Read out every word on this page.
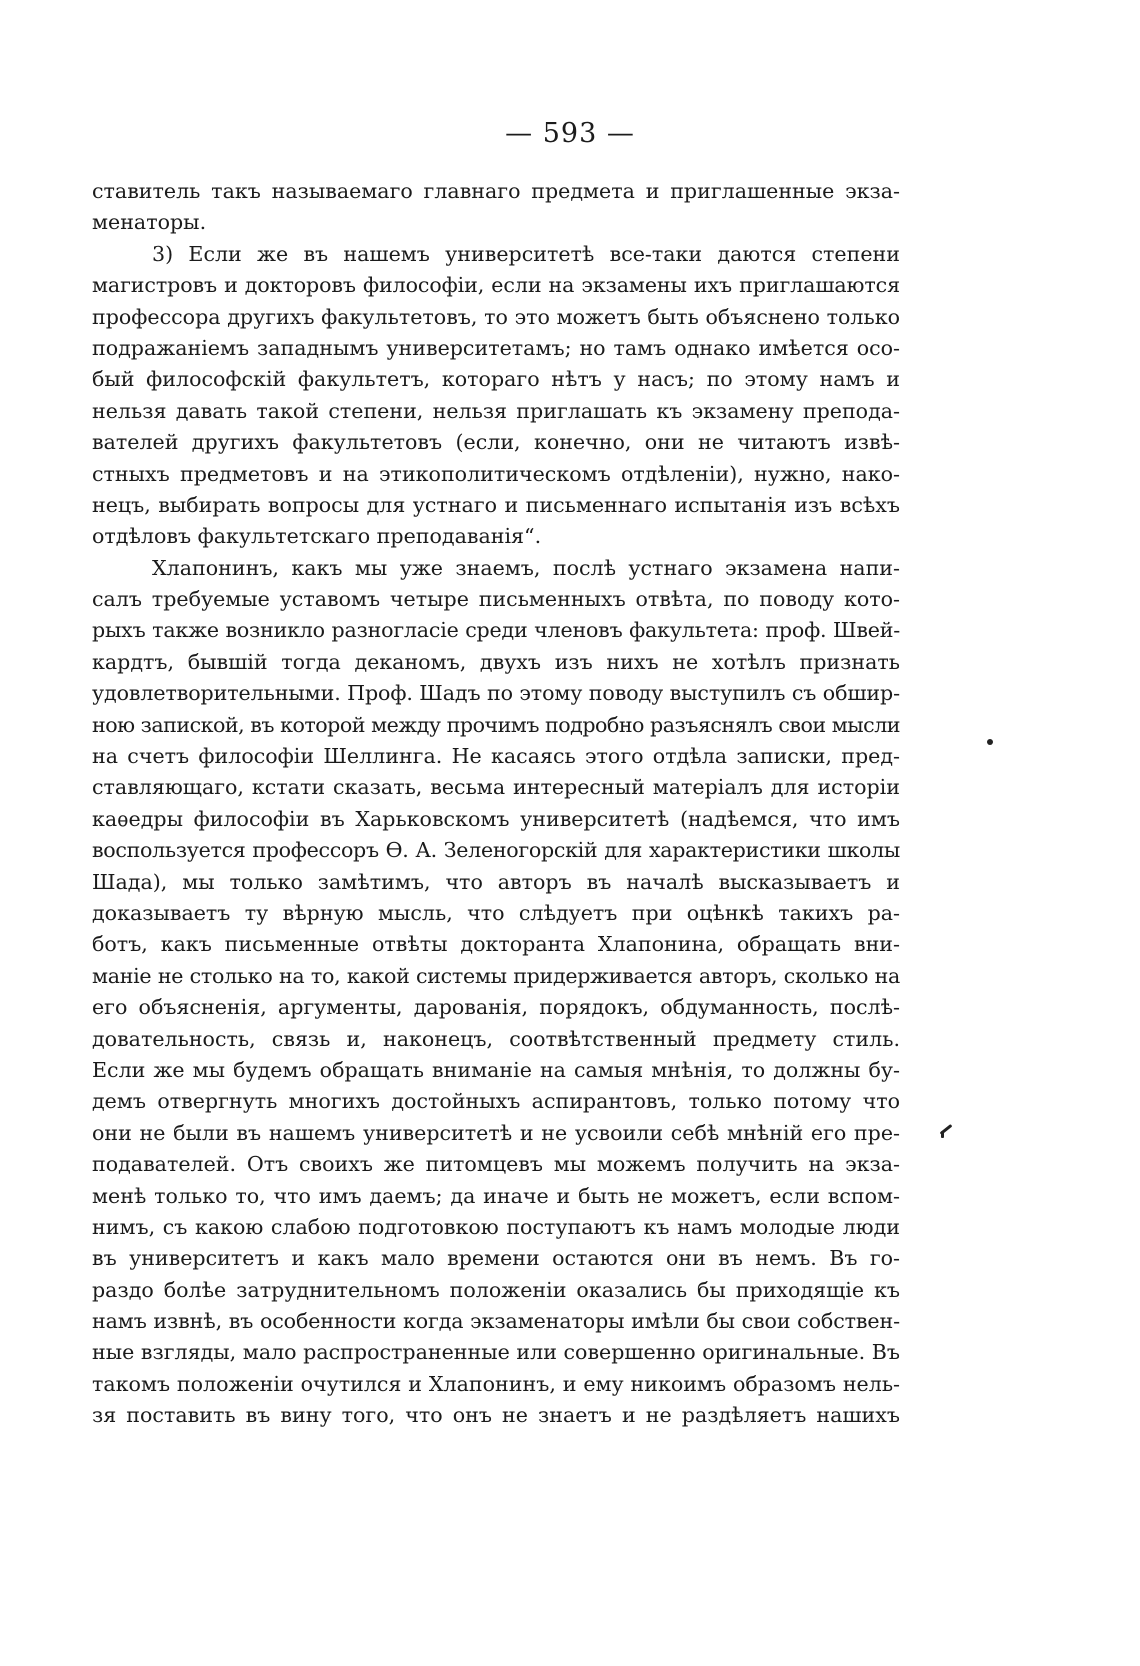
— 593 —
ставитель такъ называемаго главнаго предмета и приглашенные экза-
менаторы.
3) Если же въ нашемъ университетѣ все-таки даются степени
магистровъ и докторовъ философіи, если на экзамены ихъ приглашаются
профессора другихъ факультетовъ, то это можетъ быть объяснено только
подражаніемъ западнымъ университетамъ; но тамъ однако имѣется осо-
бый философскій факультетъ, котораго нѣтъ у насъ; по этому намъ и
нельзя давать такой степени, нельзя приглашать къ экзамену препода-
вателей другихъ факультетовъ (если, конечно, они не читаютъ извѣ-
стныхъ предметовъ и на этикополитическомъ отдѣленіи), нужно, нако-
нецъ, выбирать вопросы для устнаго и письменнаго испытанія изъ всѣхъ
отдѣловъ факультетскаго преподаванія“.
Хлапонинъ, какъ мы уже знаемъ, послѣ устнаго экзамена напи-
салъ требуемые уставомъ четыре письменныхъ отвѣта, по поводу кото-
рыхъ также возникло разногласіе среди членовъ факультета: проф. Швей-
кардтъ, бывшій тогда деканомъ, двухъ изъ нихъ не хотѣлъ признать
удовлетворительными. Проф. Шадъ по этому поводу выступилъ съ обшир-
ною запиской, въ которой между прочимъ подробно разъяснялъ свои мысли
на счетъ философіи Шеллинга. Не касаясь этого отдѣла записки, пред-
ставляющаго, кстати сказать, весьма интересный матеріалъ для исторіи
каѳедры философіи въ Харьковскомъ университетѣ (надѣемся, что имъ
воспользуется профессоръ Ѳ. А. Зеленогорскій для характеристики школы
Шада), мы только замѣтимъ, что авторъ въ началѣ высказываетъ и
доказываетъ ту вѣрную мысль, что слѣдуетъ при оцѣнкѣ такихъ ра-
ботъ, какъ письменные отвѣты докторанта Хлапонина, обращать вни-
маніе не столько на то, какой системы придерживается авторъ, сколько на
его объясненія, аргументы, дарованія, порядокъ, обдуманность, послѣ-
довательность, связь и, наконецъ, соотвѣтственный предмету стиль.
Если же мы будемъ обращать вниманіе на самыя мнѣнія, то должны бу-
демъ отвергнуть многихъ достойныхъ аспирантовъ, только потому что
они не были въ нашемъ университетѣ и не усвоили себѣ мнѣній его пре-
подавателей. Отъ своихъ же питомцевъ мы можемъ получить на экза-
менѣ только то, что имъ даемъ; да иначе и быть не можетъ, если вспом-
нимъ, съ какою слабою подготовкою поступаютъ къ намъ молодые люди
въ университетъ и какъ мало времени остаются они въ немъ. Въ го-
раздо болѣе затруднительномъ положеніи оказались бы приходящіе къ
намъ извнѣ, въ особенности когда экзаменаторы имѣли бы свои собствен-
ные взгляды, мало распространенные или совершенно оригинальные. Въ
такомъ положеніи очутился и Хлапонинъ, и ему никоимъ образомъ нель-
зя поставить въ вину того, что онъ не знаетъ и не раздѣляетъ нашихъ
